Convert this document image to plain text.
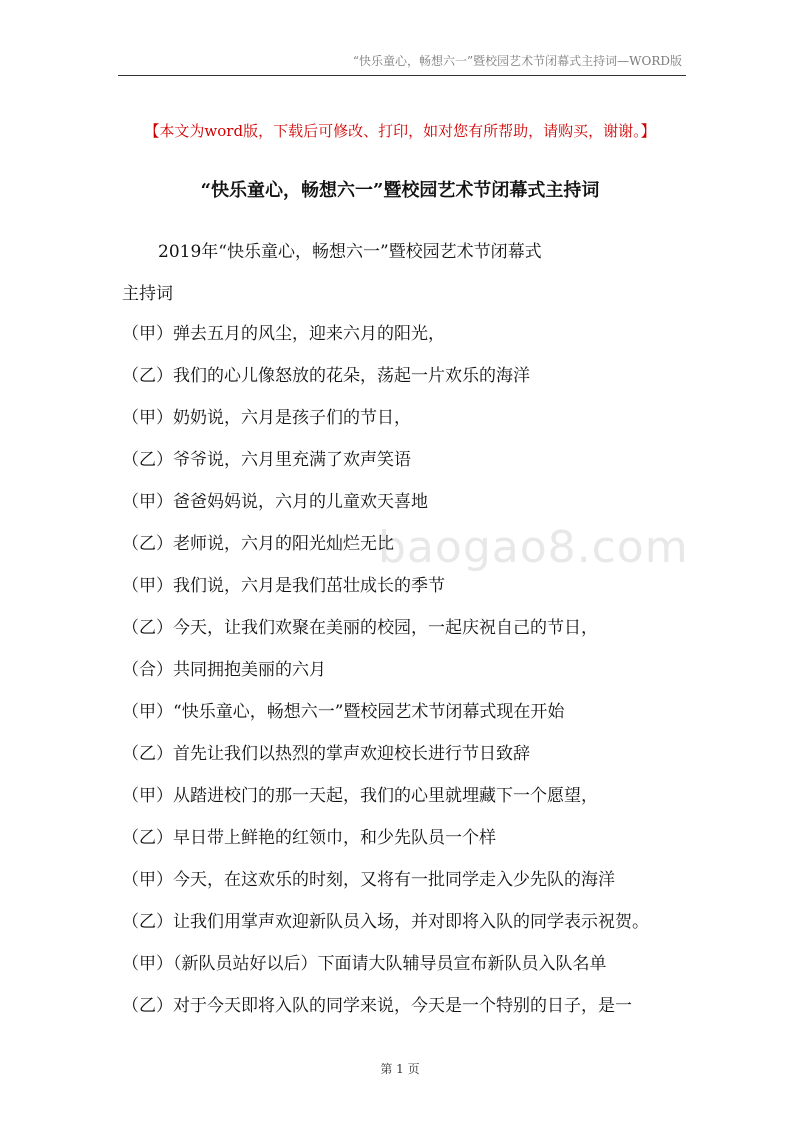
“快乐童心，畅想六一”暨校园艺术节闭幕式主持词—WORD版
【本文为word版，下载后可修改、打印，如对您有所帮助，请购买，谢谢。】
“快乐童心，畅想六一”暨校园艺术节闭幕式主持词
baogao8.com
2019年“快乐童心，畅想六一”暨校园艺术节闭幕式
主持词
（甲）弹去五月的风尘，迎来六月的阳光，
（乙）我们的心儿像怒放的花朵，荡起一片欢乐的海洋
（甲）奶奶说，六月是孩子们的节日，
（乙）爷爷说，六月里充满了欢声笑语
（甲）爸爸妈妈说，六月的儿童欢天喜地
（乙）老师说，六月的阳光灿烂无比
（甲）我们说，六月是我们茁壮成长的季节
（乙）今天，让我们欢聚在美丽的校园，一起庆祝自己的节日，
（合）共同拥抱美丽的六月
（甲）“快乐童心，畅想六一”暨校园艺术节闭幕式现在开始
（乙）首先让我们以热烈的掌声欢迎校长进行节日致辞
（甲）从踏进校门的那一天起，我们的心里就埋藏下一个愿望，
（乙）早日带上鲜艳的红领巾，和少先队员一个样
（甲）今天，在这欢乐的时刻，又将有一批同学走入少先队的海洋
（乙）让我们用掌声欢迎新队员入场，并对即将入队的同学表示祝贺。
（甲）（新队员站好以后）下面请大队辅导员宣布新队员入队名单
（乙）对于今天即将入队的同学来说，今天是一个特别的日子，是一
第 1 页
